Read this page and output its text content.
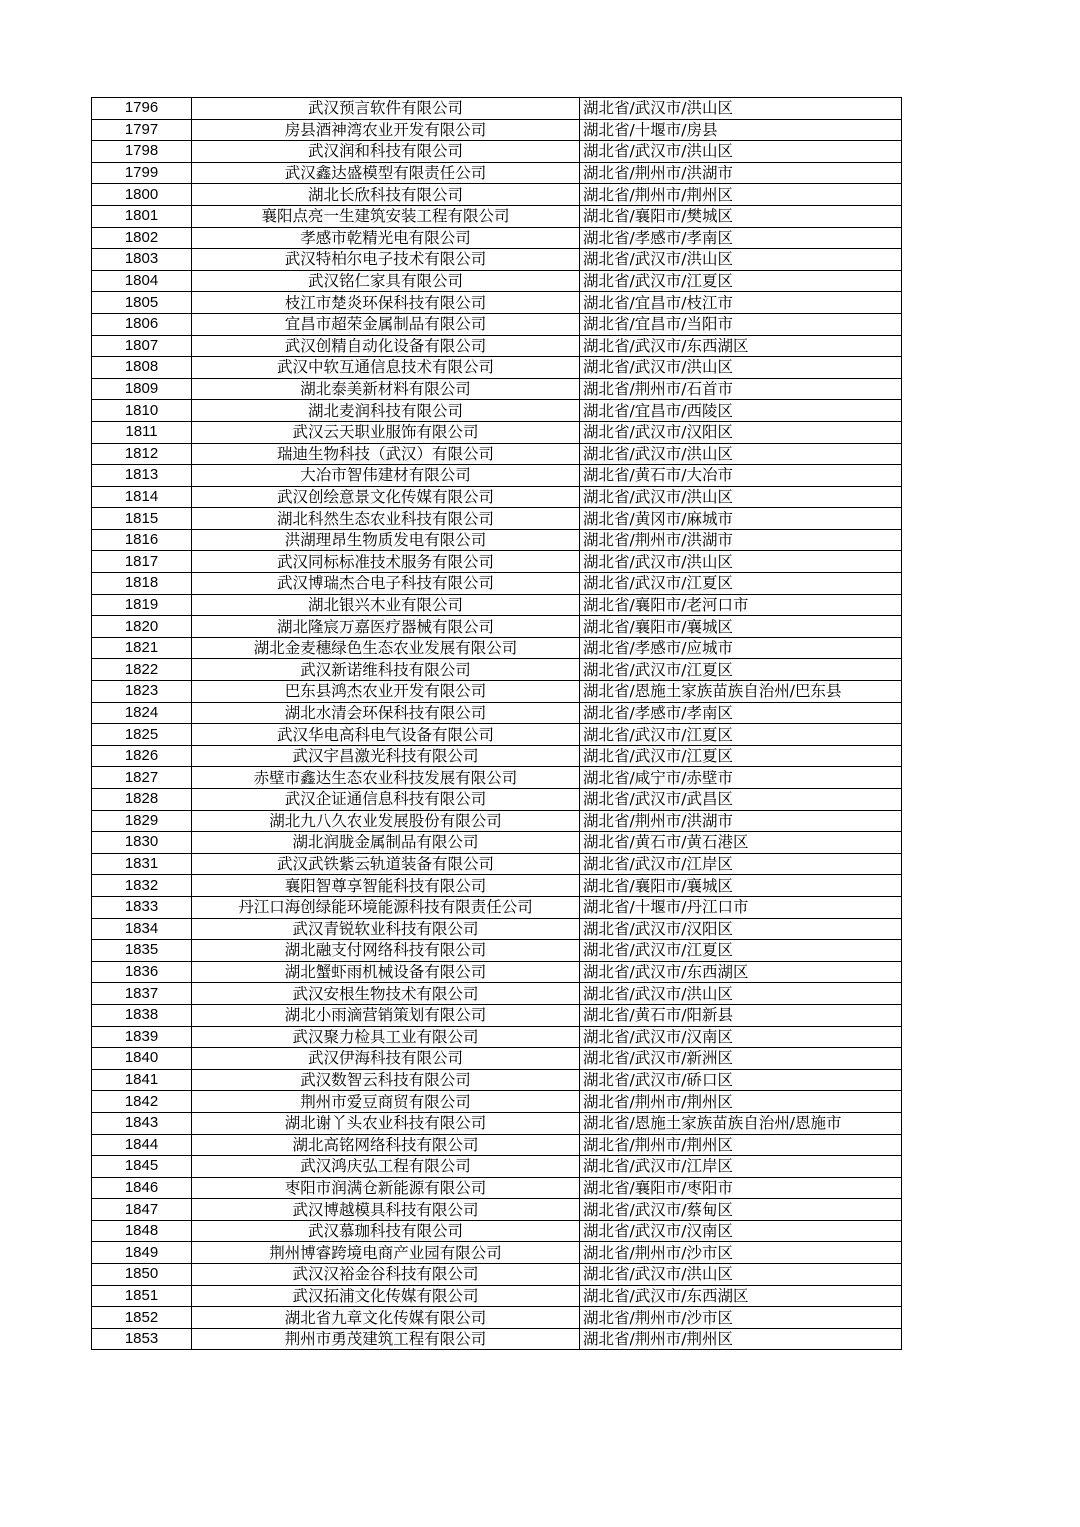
1796	武汉预言软件有限公司	湖北省/武汉市/洪山区
1797	房县酒神湾农业开发有限公司	湖北省/十堰市/房县
1798	武汉润和科技有限公司	湖北省/武汉市/洪山区
1799	武汉鑫达盛模型有限责任公司	湖北省/荆州市/洪湖市
1800	湖北长欣科技有限公司	湖北省/荆州市/荆州区
1801	襄阳点亮一生建筑安装工程有限公司	湖北省/襄阳市/樊城区
1802	孝感市乾精光电有限公司	湖北省/孝感市/孝南区
1803	武汉特柏尔电子技术有限公司	湖北省/武汉市/洪山区
1804	武汉铭仁家具有限公司	湖北省/武汉市/江夏区
1805	枝江市楚炎环保科技有限公司	湖北省/宜昌市/枝江市
1806	宜昌市超荣金属制品有限公司	湖北省/宜昌市/当阳市
1807	武汉创精自动化设备有限公司	湖北省/武汉市/东西湖区
1808	武汉中软互通信息技术有限公司	湖北省/武汉市/洪山区
1809	湖北泰美新材料有限公司	湖北省/荆州市/石首市
1810	湖北麦润科技有限公司	湖北省/宜昌市/西陵区
1811	武汉云天职业服饰有限公司	湖北省/武汉市/汉阳区
1812	瑞迪生物科技（武汉）有限公司	湖北省/武汉市/洪山区
1813	大冶市智伟建材有限公司	湖北省/黄石市/大冶市
1814	武汉创绘意景文化传媒有限公司	湖北省/武汉市/洪山区
1815	湖北科然生态农业科技有限公司	湖北省/黄冈市/麻城市
1816	洪湖理昂生物质发电有限公司	湖北省/荆州市/洪湖市
1817	武汉同标标准技术服务有限公司	湖北省/武汉市/洪山区
1818	武汉博瑞杰合电子科技有限公司	湖北省/武汉市/江夏区
1819	湖北银兴木业有限公司	湖北省/襄阳市/老河口市
1820	湖北隆宸万嘉医疗器械有限公司	湖北省/襄阳市/襄城区
1821	湖北金麦穗绿色生态农业发展有限公司	湖北省/孝感市/应城市
1822	武汉新诺维科技有限公司	湖北省/武汉市/江夏区
1823	巴东县鸿杰农业开发有限公司	湖北省/恩施土家族苗族自治州/巴东县
1824	湖北水清会环保科技有限公司	湖北省/孝感市/孝南区
1825	武汉华电高科电气设备有限公司	湖北省/武汉市/江夏区
1826	武汉宇昌激光科技有限公司	湖北省/武汉市/江夏区
1827	赤壁市鑫达生态农业科技发展有限公司	湖北省/咸宁市/赤壁市
1828	武汉企证通信息科技有限公司	湖北省/武汉市/武昌区
1829	湖北九八久农业发展股份有限公司	湖北省/荆州市/洪湖市
1830	湖北润胧金属制品有限公司	湖北省/黄石市/黄石港区
1831	武汉武铁紫云轨道装备有限公司	湖北省/武汉市/江岸区
1832	襄阳智尊享智能科技有限公司	湖北省/襄阳市/襄城区
1833	丹江口海创绿能环境能源科技有限责任公司	湖北省/十堰市/丹江口市
1834	武汉青锐软业科技有限公司	湖北省/武汉市/汉阳区
1835	湖北融支付网络科技有限公司	湖北省/武汉市/江夏区
1836	湖北蟹虾雨机械设备有限公司	湖北省/武汉市/东西湖区
1837	武汉安根生物技术有限公司	湖北省/武汉市/洪山区
1838	湖北小雨滴营销策划有限公司	湖北省/黄石市/阳新县
1839	武汉聚力检具工业有限公司	湖北省/武汉市/汉南区
1840	武汉伊海科技有限公司	湖北省/武汉市/新洲区
1841	武汉数智云科技有限公司	湖北省/武汉市/硚口区
1842	荆州市爱豆商贸有限公司	湖北省/荆州市/荆州区
1843	湖北谢丫头农业科技有限公司	湖北省/恩施土家族苗族自治州/恩施市
1844	湖北高铭网络科技有限公司	湖北省/荆州市/荆州区
1845	武汉鸿庆弘工程有限公司	湖北省/武汉市/江岸区
1846	枣阳市润满仓新能源有限公司	湖北省/襄阳市/枣阳市
1847	武汉博越模具科技有限公司	湖北省/武汉市/蔡甸区
1848	武汉慕珈科技有限公司	湖北省/武汉市/汉南区
1849	荆州博睿跨境电商产业园有限公司	湖北省/荆州市/沙市区
1850	武汉汉裕金谷科技有限公司	湖北省/武汉市/洪山区
1851	武汉拓浦文化传媒有限公司	湖北省/武汉市/东西湖区
1852	湖北省九章文化传媒有限公司	湖北省/荆州市/沙市区
1853	荆州市勇茂建筑工程有限公司	湖北省/荆州市/荆州区
